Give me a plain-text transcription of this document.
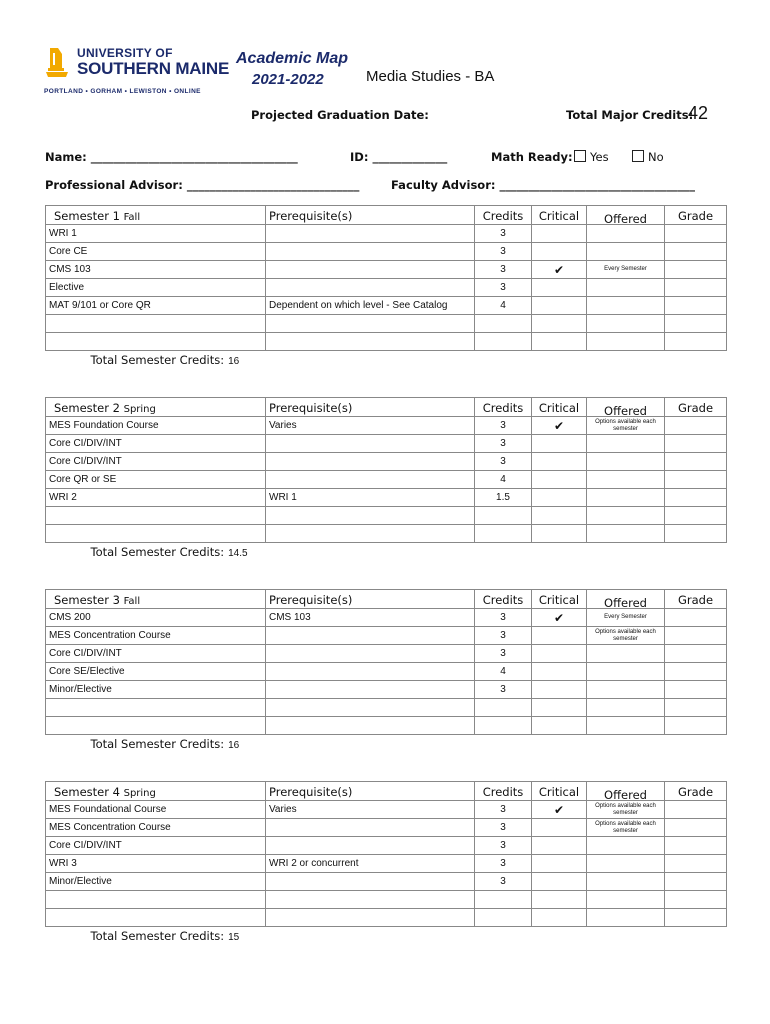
UNIVERSITY OF
SOUTHERN MAINE
PORTLAND • GORHAM • LEWISTON • ONLINE
Academic Map
2021-2022	Media Studies - BA
Projected Graduation Date:	Total Major Credits:
42
Name: ____________________________________	ID: _____________	Math Ready:	Yes	No
Professional Advisor: ______________________________	Faculty Advisor: __________________________________
Semester 1 Fall	Prerequisite(s)	Credits	Critical	Offered	Grade
WRI 1		3			
Core CE		3			
CMS 103		3	✔	Every Semester	
Elective		3			
MAT 9/101 or Core QR	Dependent on which level - See Catalog	4			

Total Semester Credits: 16					
Semester 2 Spring	Prerequisite(s)	Credits	Critical	Offered	Grade
MES Foundation Course	Varies	3	✔	Options available each semester	
Core CI/DIV/INT		3			
Core CI/DIV/INT		3			
Core QR or SE		4			
WRI 2	WRI 1	1.5			

Total Semester Credits: 14.5					
Semester 3 Fall	Prerequisite(s)	Credits	Critical	Offered	Grade
CMS 200	CMS 103	3	✔	Every Semester	
MES Concentration Course		3		Options available each semester	
Core CI/DIV/INT		3			
Core SE/Elective		4			
Minor/Elective		3			

Total Semester Credits: 16					
Semester 4 Spring	Prerequisite(s)	Credits	Critical	Offered	Grade
MES Foundational Course	Varies	3	✔	Options available each semester	
MES Concentration Course		3		Options available each semester	
Core CI/DIV/INT		3			
WRI 3	WRI 2 or concurrent	3			
Minor/Elective		3			

Total Semester Credits: 15					
